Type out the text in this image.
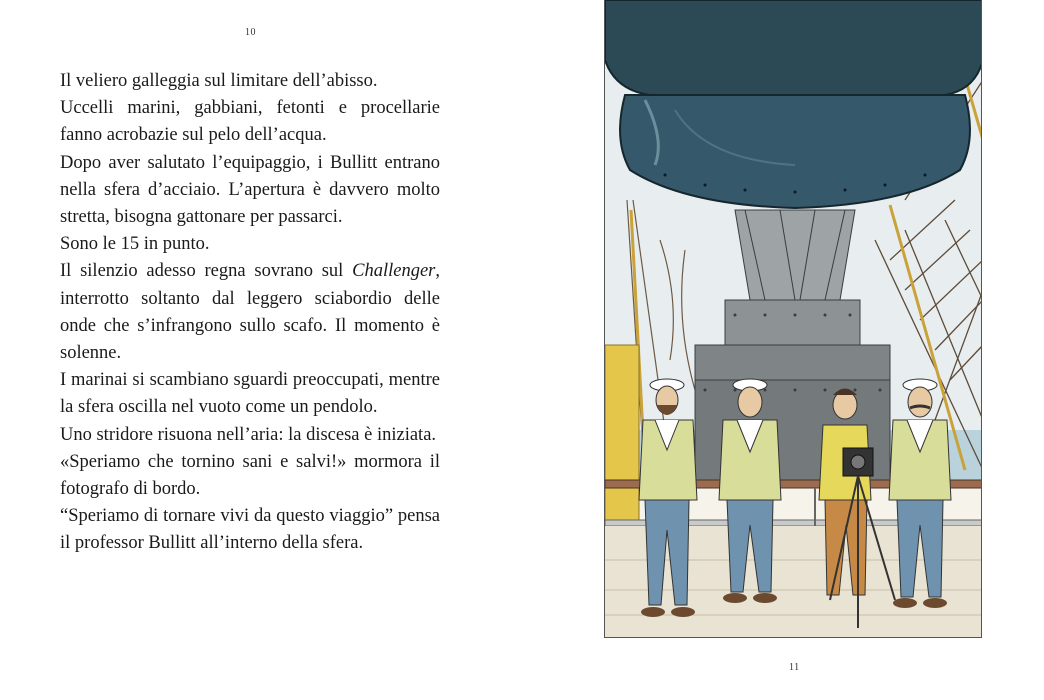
10

Il veliero galleggia sul limitare dell’abisso.

Uccelli marini, gabbiani, fetonti e procellarie fanno acrobazie sul pelo dell’acqua.

Dopo aver salutato l’equipaggio, i Bullitt entrano nella sfera d’acciaio. L’apertura è davvero molto stretta, bisogna gattonare per passarci.

Sono le 15 in punto.

Il silenzio adesso regna sovrano sul Challenger, interrotto soltanto dal leggero sciabordio delle onde che s’infrangono sullo scafo. Il momento è solenne.

I marinai si scambiano sguardi preoccupati, mentre la sfera oscilla nel vuoto come un pendolo.

Uno stridore risuona nell’aria: la discesa è iniziata.

«Speriamo che tornino sani e salvi!» mormora il fotografo di bordo.

“Speriamo di tornare vivi da questo viaggio” pensa il professor Bullitt all’interno della sfera.

11
